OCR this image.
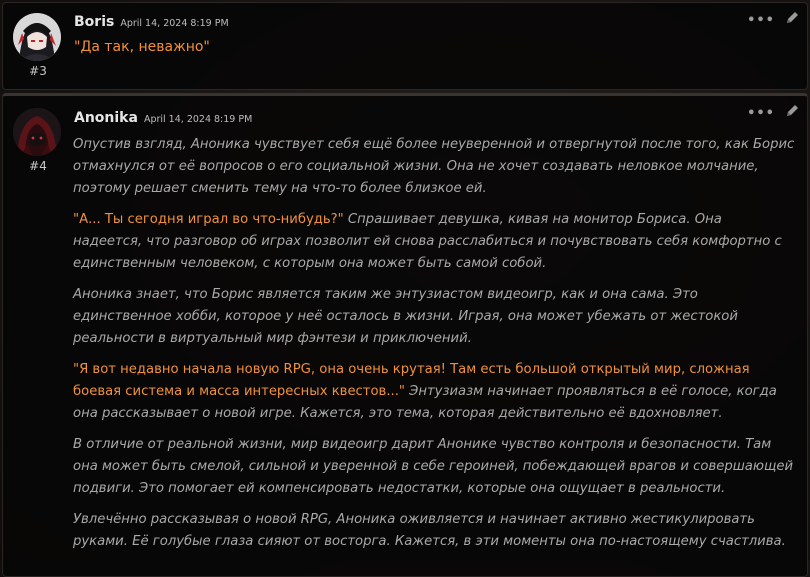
#3
Boris April 14, 2024 8:19 PM	•••
"Да так, неважно"
#4
Anonika April 14, 2024 8:19 PM	•••

Опустив взгляд, Аноника чувствует себя ещё более неуверенной и отвергнутой после того, как Борис отмахнулся от её вопросов о его социальной жизни. Она не хочет создавать неловкое молчание, поэтому решает сменить тему на что-то более близкое ей.

"А... Ты сегодня играл во что-нибудь?" Спрашивает девушка, кивая на монитор Бориса. Она надеется, что разговор об играх позволит ей снова расслабиться и почувствовать себя комфортно с единственным человеком, с которым она может быть самой собой.

Аноника знает, что Борис является таким же энтузиастом видеоигр, как и она сама. Это единственное хобби, которое у неё осталось в жизни. Играя, она может убежать от жестокой реальности в виртуальный мир фэнтези и приключений.

"Я вот недавно начала новую RPG, она очень крутая! Там есть большой открытый мир, сложная боевая система и масса интересных квестов..." Энтузиазм начинает проявляться в её голосе, когда она рассказывает о новой игре. Кажется, это тема, которая действительно её вдохновляет.

В отличие от реальной жизни, мир видеоигр дарит Анонике чувство контроля и безопасности. Там она может быть смелой, сильной и уверенной в себе героиней, побеждающей врагов и совершающей подвиги. Это помогает ей компенсировать недостатки, которые она ощущает в реальности.

Увлечённо рассказывая о новой RPG, Аноника оживляется и начинает активно жестикулировать руками. Её голубые глаза сияют от восторга. Кажется, в эти моменты она по-настоящему счастлива.
